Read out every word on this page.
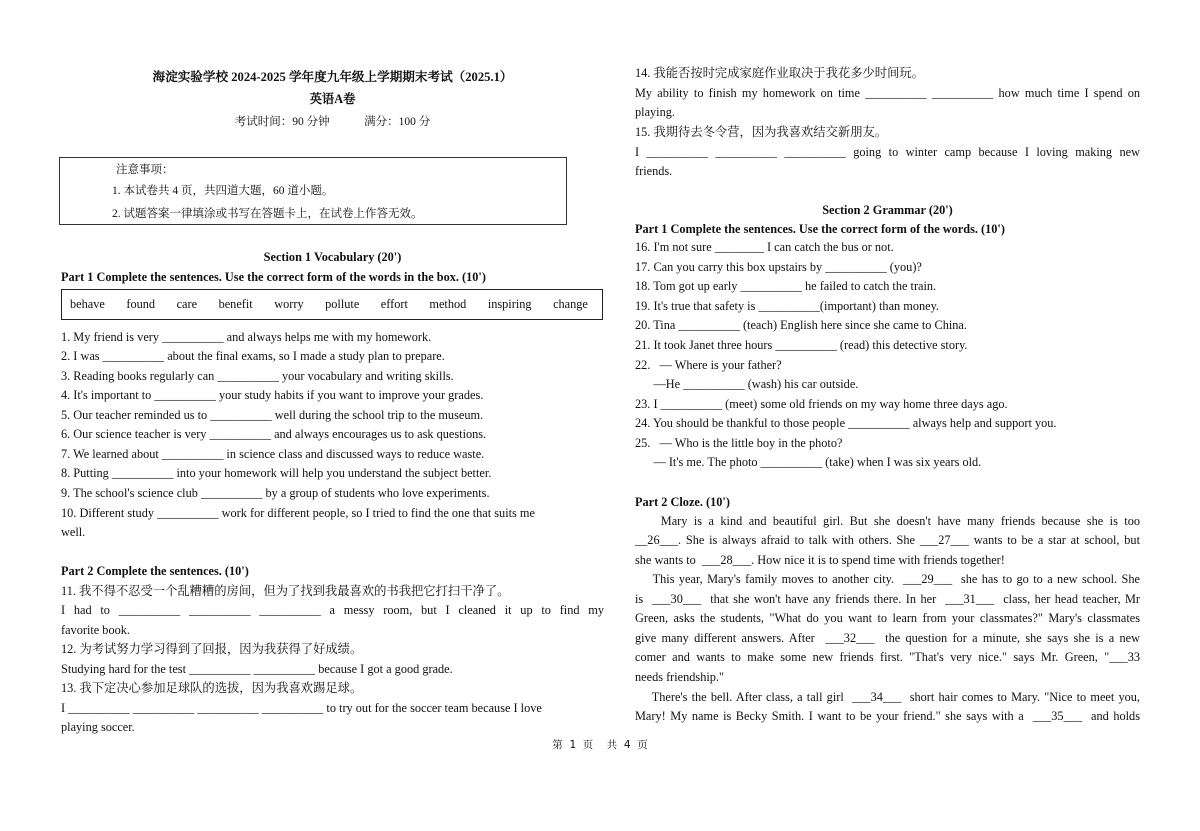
海淀实验学校 2024-2025 学年度九年级上学期期末考试（2025.1）
英语A卷
考试时间：90 分钟            满分：100 分
注意事项：
1. 本试卷共 4 页，共四道大题，60 道小题。
2. 试题答案一律填涂或书写在答题卡上，在试卷上作答无效。
Section 1 Vocabulary (20')
Part 1 Complete the sentences. Use the correct form of the words in the box. (10')
1. My friend is very __________ and always helps me with my homework.
2. I was __________ about the final exams, so I made a study plan to prepare.
3. Reading books regularly can __________ your vocabulary and writing skills.
4. It's important to __________ your study habits if you want to improve your grades.
5. Our teacher reminded us to __________ well during the school trip to the museum.
6. Our science teacher is very __________ and always encourages us to ask questions.
7. We learned about __________ in science class and discussed ways to reduce waste.
8. Putting __________ into your homework will help you understand the subject better.
9. The school's science club __________ by a group of students who love experiments.
10. Different study __________ work for different people, so I tried to find the one that suits me
well.
Part 2 Complete the sentences. (10')
11. 我不得不忍受一个乱糟糟的房间，但为了找到我最喜欢的书我把它打扫干净了。
I had to __________ __________ __________ a messy room, but I cleaned it up to find my
favorite book.
12. 为考试努力学习得到了回报，因为我获得了好成绩。
Studying hard for the test __________ __________ because I got a good grade.
13. 我下定决心参加足球队的选拔，因为我喜欢踢足球。
I __________ __________ __________ __________ to try out for the soccer team because I love
playing soccer.
behave found care benefit worry pollute effort method inspiring change
14. 我能否按时完成家庭作业取决于我花多少时间玩。
My ability to finish my homework on time __________ __________ how much time I spend on
playing.
15. 我期待去冬令营，因为我喜欢结交新朋友。
I __________ __________ __________ going to winter camp because I loving making new
friends.
Section 2 Grammar (20')
Part 1 Complete the sentences. Use the correct form of the words. (10')
16. I'm not sure ________ I can catch the bus or not.
17. Can you carry this box upstairs by __________ (you)?
18. Tom got up early __________ he failed to catch the train.
19. It's true that safety is __________(important) than money.
20. Tina __________ (teach) English here since she came to China.
21. It took Janet three hours __________ (read) this detective story.
22.   — Where is your father?
—He __________ (wash) his car outside.
23. I __________ (meet) some old friends on my way home three days ago.
24. You should be thankful to those people __________ always help and support you.
25.   — Who is the little boy in the photo?
— It's me. The photo __________ (take) when I was six years old.
Part 2 Cloze. (10')
Mary is a kind and beautiful girl. But she doesn't have many friends because she is too
__26___. She is always afraid to talk with others. She ___27___ wants to be a star at school, but
she wants to  ___28___. How nice it is to spend time with friends together!
This year, Mary's family moves to another city.  ___29___  she has to go to a new school. She
is  ___30___  that she won't have any friends there. In her  ___31___  class, her head teacher, Mr
Green, asks the students, "What do you want to learn from your classmates?" Mary's classmates
give many different answers. After  ___32___  the question for a minute, she says she is a new
comer and wants to make some new friends first. "That's very nice." says Mr. Green, "___33
needs friendship."
There's the bell. After class, a tall girl  ___34___  short hair comes to Mary. "Nice to meet you,
Mary! My name is Becky Smith. I want to be your friend." she says with a  ___35___  and holds
第  1  页    共  4  页
